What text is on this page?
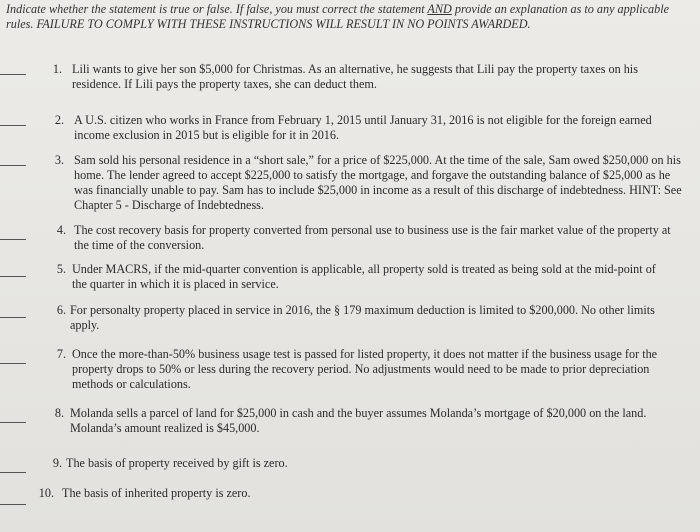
Indicate whether the statement is true or false. If false, you must correct the statement AND provide an explanation as to any applicable rules. FAILURE TO COMPLY WITH THESE INSTRUCTIONS WILL RESULT IN NO POINTS AWARDED.
1. Lili wants to give her son $5,000 for Christmas. As an alternative, he suggests that Lili pay the property taxes on his residence. If Lili pays the property taxes, she can deduct them.
2. A U.S. citizen who works in France from February 1, 2015 until January 31, 2016 is not eligible for the foreign earned income exclusion in 2015 but is eligible for it in 2016.
3. Sam sold his personal residence in a “short sale,” for a price of $225,000. At the time of the sale, Sam owed $250,000 on his home. The lender agreed to accept $225,000 to satisfy the mortgage, and forgave the outstanding balance of $25,000 as he was financially unable to pay. Sam has to include $25,000 in income as a result of this discharge of indebtedness. HINT: See Chapter 5 - Discharge of Indebtedness.
4. The cost recovery basis for property converted from personal use to business use is the fair market value of the property at the time of the conversion.
5. Under MACRS, if the mid-quarter convention is applicable, all property sold is treated as being sold at the mid-point of the quarter in which it is placed in service.
6. For personalty property placed in service in 2016, the § 179 maximum deduction is limited to $200,000. No other limits apply.
7. Once the more-than-50% business usage test is passed for listed property, it does not matter if the business usage for the property drops to 50% or less during the recovery period. No adjustments would need to be made to prior depreciation methods or calculations.
8. Molanda sells a parcel of land for $25,000 in cash and the buyer assumes Molanda’s mortgage of $20,000 on the land. Molanda’s amount realized is $45,000.
9. The basis of property received by gift is zero.
10. The basis of inherited property is zero.
